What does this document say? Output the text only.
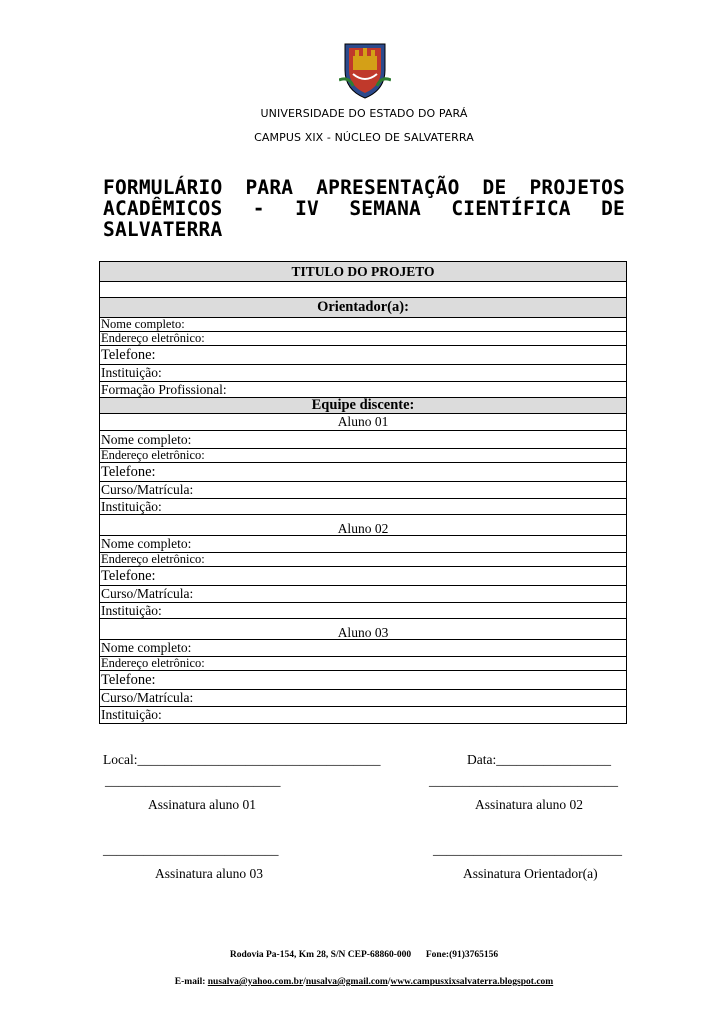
UNIVERSIDADE DO ESTADO DO PARÁ
CAMPUS XIX - NÚCLEO DE SALVATERRA
FORMULÁRIO PARA APRESENTAÇÃO DE PROJETOS ACADÊMICOS - IV SEMANA CIENTÍFICA DE SALVATERRA
TITULO DO PROJETO

Orientador(a):
Nome completo:
Endereço eletrônico:
Telefone:
Instituição:
Formação Profissional:
Equipe discente:
Aluno 01
Nome completo:
Endereço eletrônico:
Telefone:
Curso/Matrícula:
Instituição:
Aluno 02
Nome completo:
Endereço eletrônico:
Telefone:
Curso/Matrícula:
Instituição:
Aluno 03
Nome completo:
Endereço eletrônico:
Telefone:
Curso/Matrícula:
Instituição:
Local:____________________________________	Data:_________________
__________________________	____________________________
Assinatura aluno 01	Assinatura aluno 02
__________________________	____________________________
Assinatura aluno 03	Assinatura Orientador(a)
Rodovia Pa-154, Km 28, S/N CEP-68860-000 Fone:(91)3765156
E-mail: nusalva@yahoo.com.br/nusalva@gmail.com/www.campusxixsalvaterra.blogspot.com
